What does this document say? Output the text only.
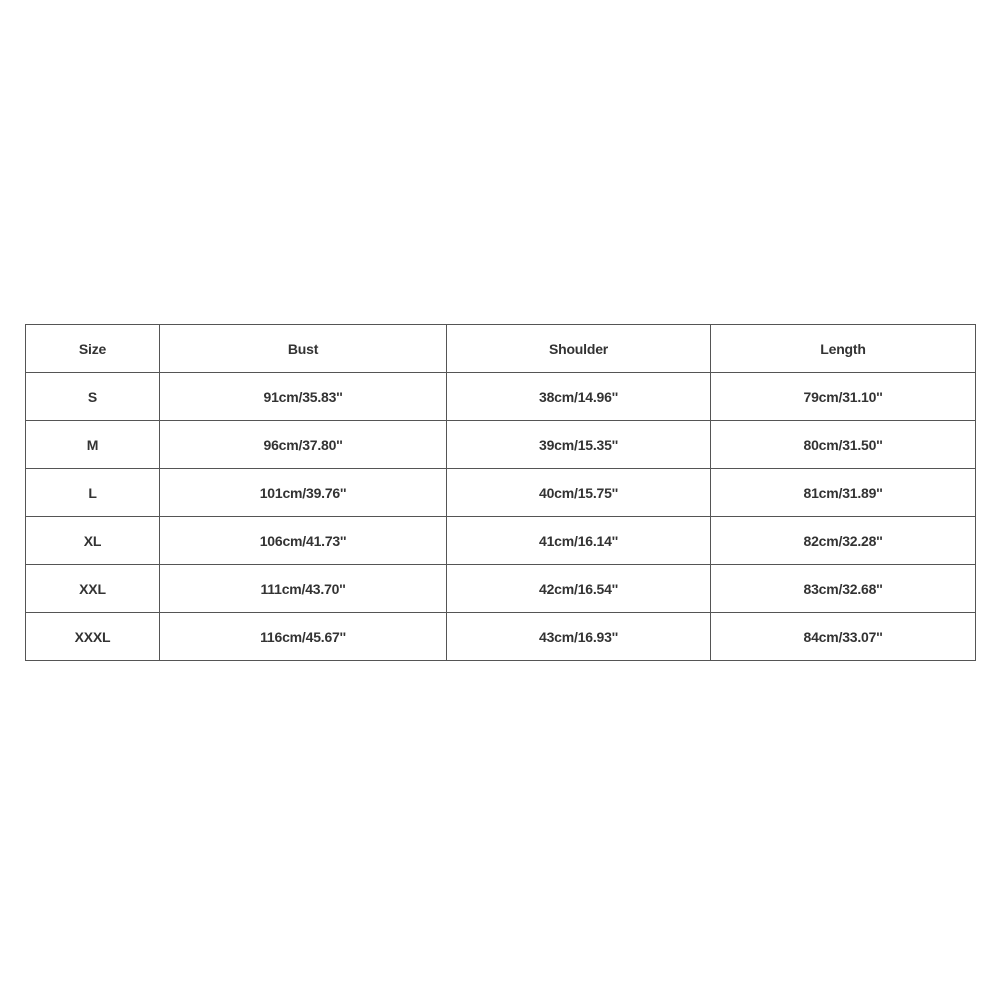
Size	Bust	Shoulder	Length
S	91cm/35.83''	38cm/14.96''	79cm/31.10''
M	96cm/37.80''	39cm/15.35''	80cm/31.50''
L	101cm/39.76''	40cm/15.75''	81cm/31.89''
XL	106cm/41.73''	41cm/16.14''	82cm/32.28''
XXL	111cm/43.70''	42cm/16.54''	83cm/32.68''
XXXL	116cm/45.67''	43cm/16.93''	84cm/33.07''
